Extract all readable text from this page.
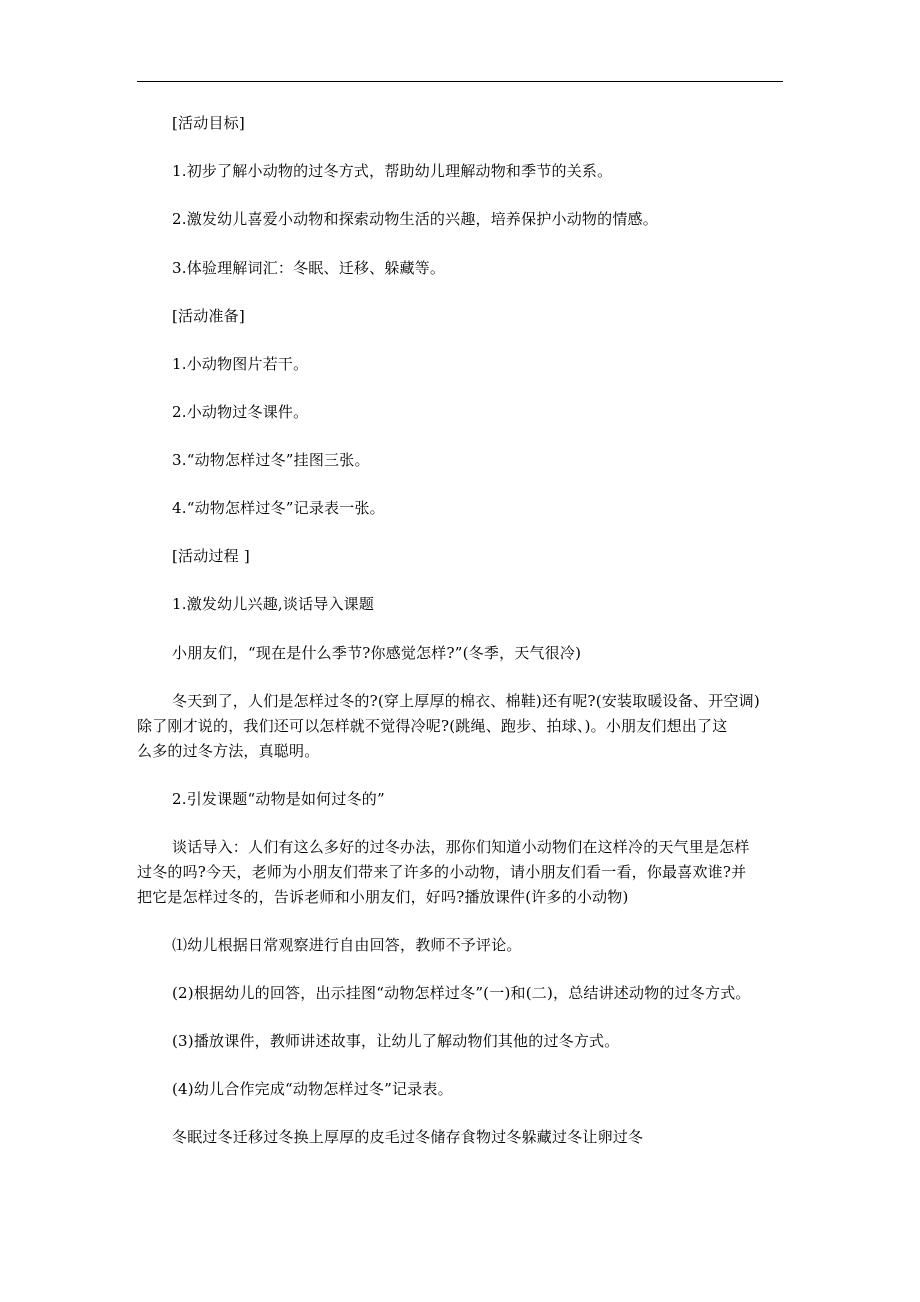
[活动目标]
1.初步了解小动物的过冬方式，帮助幼儿理解动物和季节的关系。
2.激发幼儿喜爱小动物和探索动物生活的兴趣，培养保护小动物的情感。
3.体验理解词汇：冬眠、迁移、躲藏等。
[活动准备]
1.小动物图片若干。
2.小动物过冬课件。
3.“动物怎样过冬”挂图三张。
4.“动物怎样过冬”记录表一张。
[活动过程 ]
1.激发幼儿兴趣,谈话导入课题
小朋友们，“现在是什么季节?你感觉怎样?”(冬季，天气很冷)
冬天到了，人们是怎样过冬的?(穿上厚厚的棉衣、棉鞋)还有呢?(安装取暖设备、开空调)
除了刚才说的，我们还可以怎样就不觉得冷呢?(跳绳、跑步、拍球、)。小朋友们想出了这
么多的过冬方法，真聪明。
2.引发课题“动物是如何过冬的”
谈话导入：人们有这么多好的过冬办法，那你们知道小动物们在这样冷的天气里是怎样
过冬的吗?今天，老师为小朋友们带来了许多的小动物，请小朋友们看一看，你最喜欢谁?并
把它是怎样过冬的，告诉老师和小朋友们，好吗?播放课件(许多的小动物)
⑴幼儿根据日常观察进行自由回答，教师不予评论。
(2)根据幼儿的回答，出示挂图“动物怎样过冬”(一)和(二)，总结讲述动物的过冬方式。
(3)播放课件，教师讲述故事，让幼儿了解动物们其他的过冬方式。
(4)幼儿合作完成“动物怎样过冬”记录表。
冬眠过冬迁移过冬换上厚厚的皮毛过冬储存食物过冬躲藏过冬让卵过冬
